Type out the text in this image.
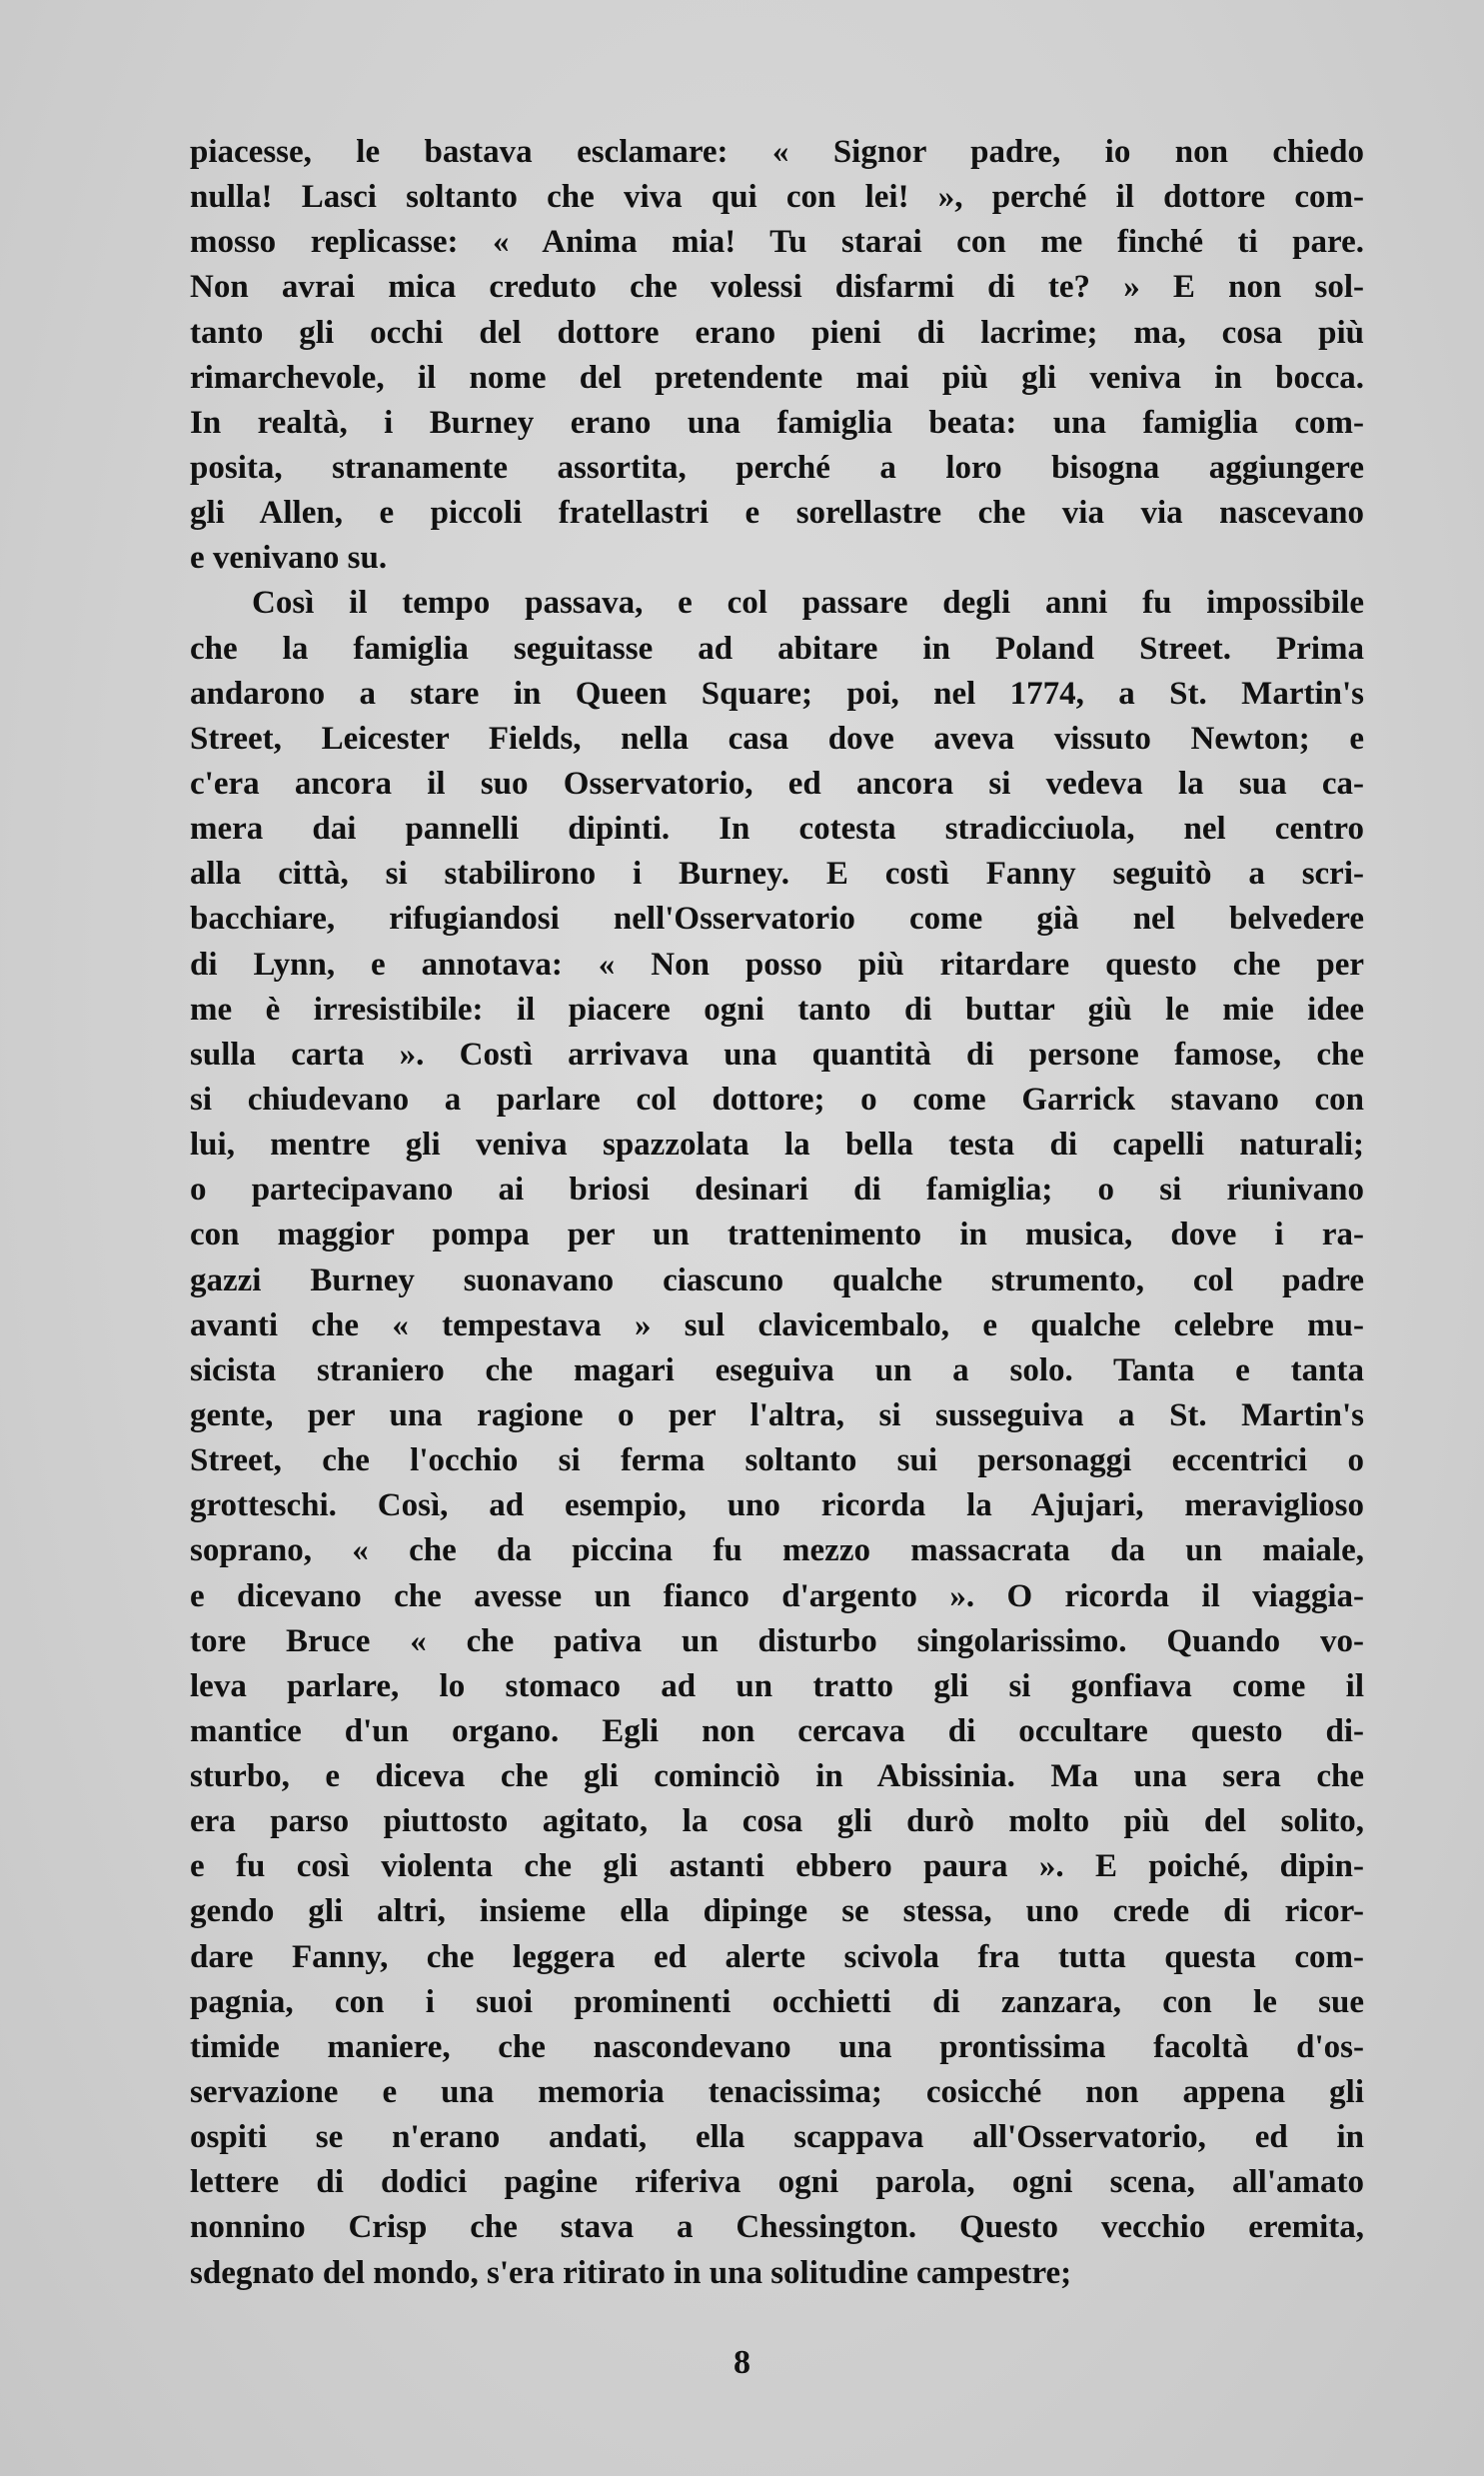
piacesse, le bastava esclamare: « Signor padre, io non chiedo
nulla! Lasci soltanto che viva qui con lei! », perché il dottore com-
mosso replicasse: « Anima mia! Tu starai con me finché ti pare.
Non avrai mica creduto che volessi disfarmi di te? » E non sol-
tanto gli occhi del dottore erano pieni di lacrime; ma, cosa più
rimarchevole, il nome del pretendente mai più gli veniva in bocca.
In realtà, i Burney erano una famiglia beata: una famiglia com-
posita, stranamente assortita, perché a loro bisogna aggiungere
gli Allen, e piccoli fratellastri e sorellastre che via via nascevano
e venivano su.
Così il tempo passava, e col passare degli anni fu impossibile
che la famiglia seguitasse ad abitare in Poland Street. Prima
andarono a stare in Queen Square; poi, nel 1774, a St. Martin's
Street, Leicester Fields, nella casa dove aveva vissuto Newton; e
c'era ancora il suo Osservatorio, ed ancora si vedeva la sua ca-
mera dai pannelli dipinti. In cotesta stradicciuola, nel centro
alla città, si stabilirono i Burney. E costì Fanny seguitò a scri-
bacchiare, rifugiandosi nell'Osservatorio come già nel belvedere
di Lynn, e annotava: « Non posso più ritardare questo che per
me è irresistibile: il piacere ogni tanto di buttar giù le mie idee
sulla carta ». Costì arrivava una quantità di persone famose, che
si chiudevano a parlare col dottore; o come Garrick stavano con
lui, mentre gli veniva spazzolata la bella testa di capelli naturali;
o partecipavano ai briosi desinari di famiglia; o si riunivano
con maggior pompa per un trattenimento in musica, dove i ra-
gazzi Burney suonavano ciascuno qualche strumento, col padre
avanti che « tempestava » sul clavicembalo, e qualche celebre mu-
sicista straniero che magari eseguiva un a solo. Tanta e tanta
gente, per una ragione o per l'altra, si susseguiva a St. Martin's
Street, che l'occhio si ferma soltanto sui personaggi eccentrici o
grotteschi. Così, ad esempio, uno ricorda la Ajujari, meraviglioso
soprano, « che da piccina fu mezzo massacrata da un maiale,
e dicevano che avesse un fianco d'argento ». O ricorda il viaggia-
tore Bruce « che pativa un disturbo singolarissimo. Quando vo-
leva parlare, lo stomaco ad un tratto gli si gonfiava come il
mantice d'un organo. Egli non cercava di occultare questo di-
sturbo, e diceva che gli cominciò in Abissinia. Ma una sera che
era parso piuttosto agitato, la cosa gli durò molto più del solito,
e fu così violenta che gli astanti ebbero paura ». E poiché, dipin-
gendo gli altri, insieme ella dipinge se stessa, uno crede di ricor-
dare Fanny, che leggera ed alerte scivola fra tutta questa com-
pagnia, con i suoi prominenti occhietti di zanzara, con le sue
timide maniere, che nascondevano una prontissima facoltà d'os-
servazione e una memoria tenacissima; cosicché non appena gli
ospiti se n'erano andati, ella scappava all'Osservatorio, ed in
lettere di dodici pagine riferiva ogni parola, ogni scena, all'amato
nonnino Crisp che stava a Chessington. Questo vecchio eremita,
sdegnato del mondo, s'era ritirato in una solitudine campestre;
8
